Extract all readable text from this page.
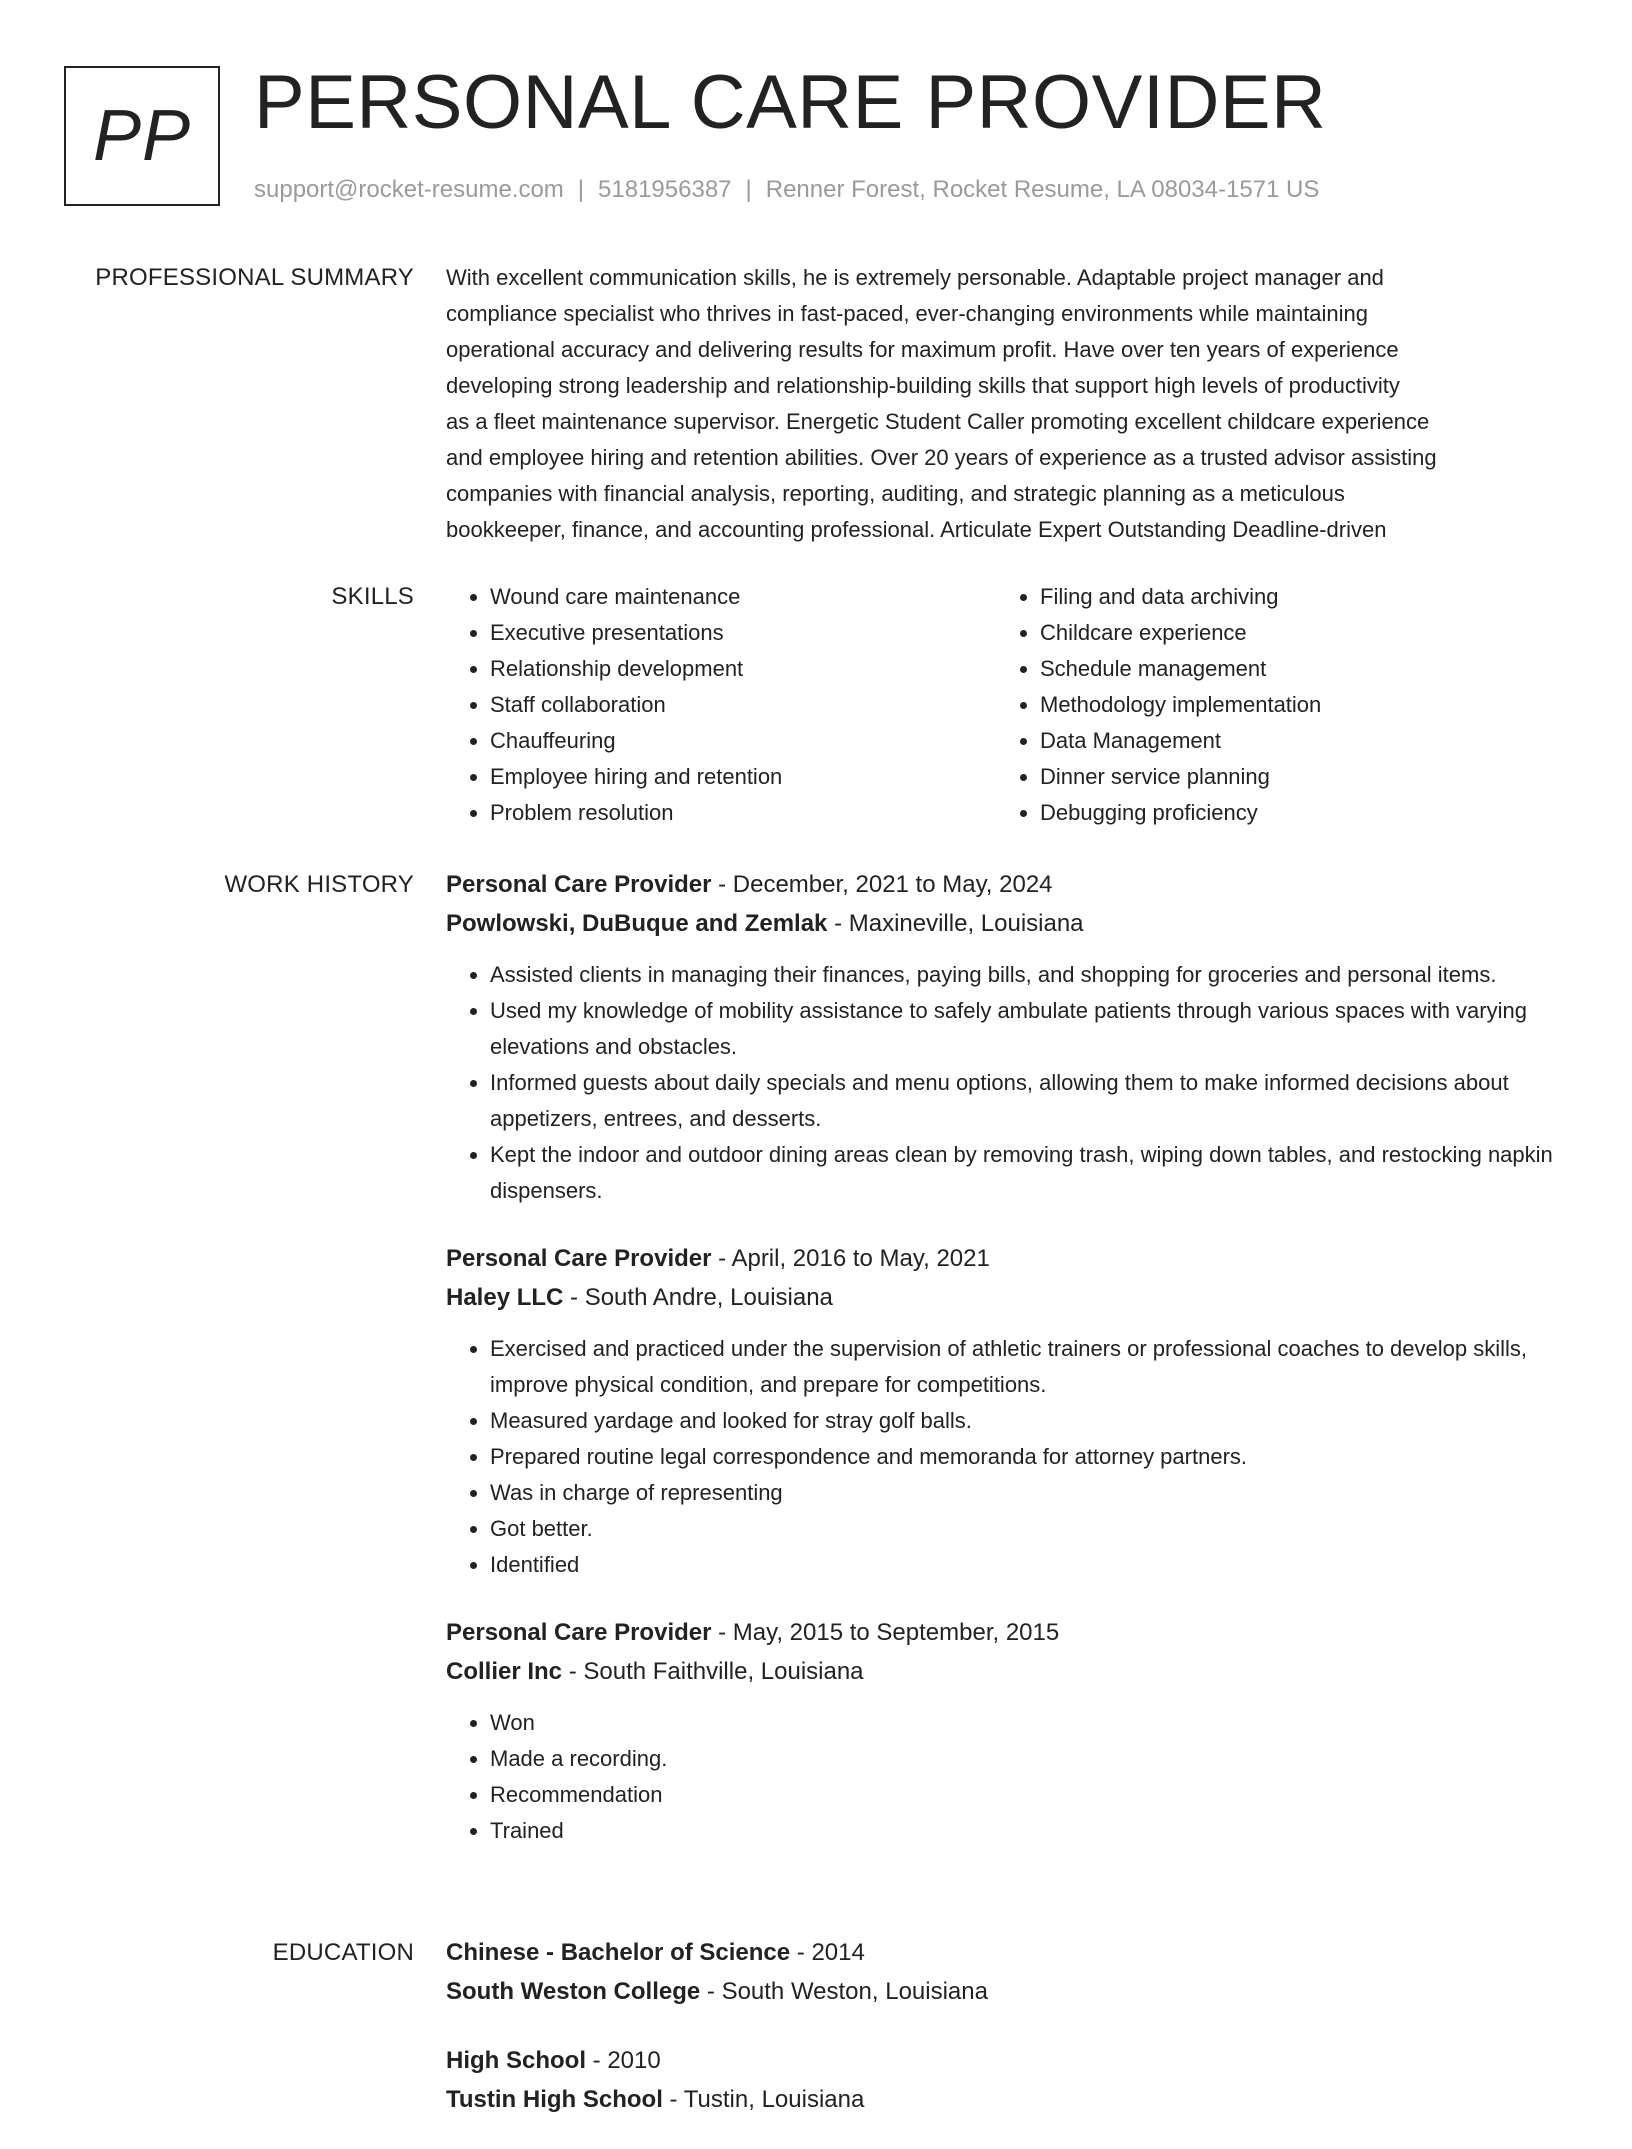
PP PERSONAL CARE PROVIDER
support@rocket-resume.com | 5181956387 | Renner Forest, Rocket Resume, LA 08034-1571 US
PROFESSIONAL SUMMARY With excellent communication skills, he is extremely personable. Adaptable project manager and
compliance specialist who thrives in fast-paced, ever-changing environments while maintaining
operational accuracy and delivering results for maximum profit. Have over ten years of experience
developing strong leadership and relationship-building skills that support high levels of productivity
as a fleet maintenance supervisor. Energetic Student Caller promoting excellent childcare experience
and employee hiring and retention abilities. Over 20 years of experience as a trusted advisor assisting
companies with financial analysis, reporting, auditing, and strategic planning as a meticulous
bookkeeper, finance, and accounting professional. Articulate Expert Outstanding Deadline-driven

SKILLS
•	Wound care maintenance
• Executive presentations
• Relationship development
• Staff collaboration
• Chauffeuring
• Employee hiring and retention
• Problem resolution
• Filing and data archiving
• Childcare experience
• Schedule management
• Methodology implementation
• Data Management
• Dinner service planning
• Debugging proficiency
WORK HISTORY Personal Care Provider - December, 2021 to May, 2024
Powlowski, DuBuque and Zemlak - Maxineville, Louisiana
• Assisted clients in managing their finances, paying bills, and shopping for groceries and personal items.
• Used my knowledge of mobility assistance to safely ambulate patients through various spaces with varying elevations and obstacles.
• Informed guests about daily specials and menu options, allowing them to make informed decisions about appetizers, entrees, and desserts.
• Kept the indoor and outdoor dining areas clean by removing trash, wiping down tables, and restocking napkin dispensers.
Personal Care Provider - April, 2016 to May, 2021
Haley LLC - South Andre, Louisiana
• Exercised and practiced under the supervision of athletic trainers or professional coaches to develop skills, improve physical condition, and prepare for competitions.
• Measured yardage and looked for stray golf balls.
• Prepared routine legal correspondence and memoranda for attorney partners.
• Was in charge of representing
• Got better.
• Identified
Personal Care Provider - May, 2015 to September, 2015
Collier Inc - South Faithville, Louisiana
• Won
• Made a recording.
• Recommendation
• Trained
EDUCATION Chinese - Bachelor of Science - 2014
South Weston College - South Weston, Louisiana
High School - 2010
Tustin High School - Tustin, Louisiana
